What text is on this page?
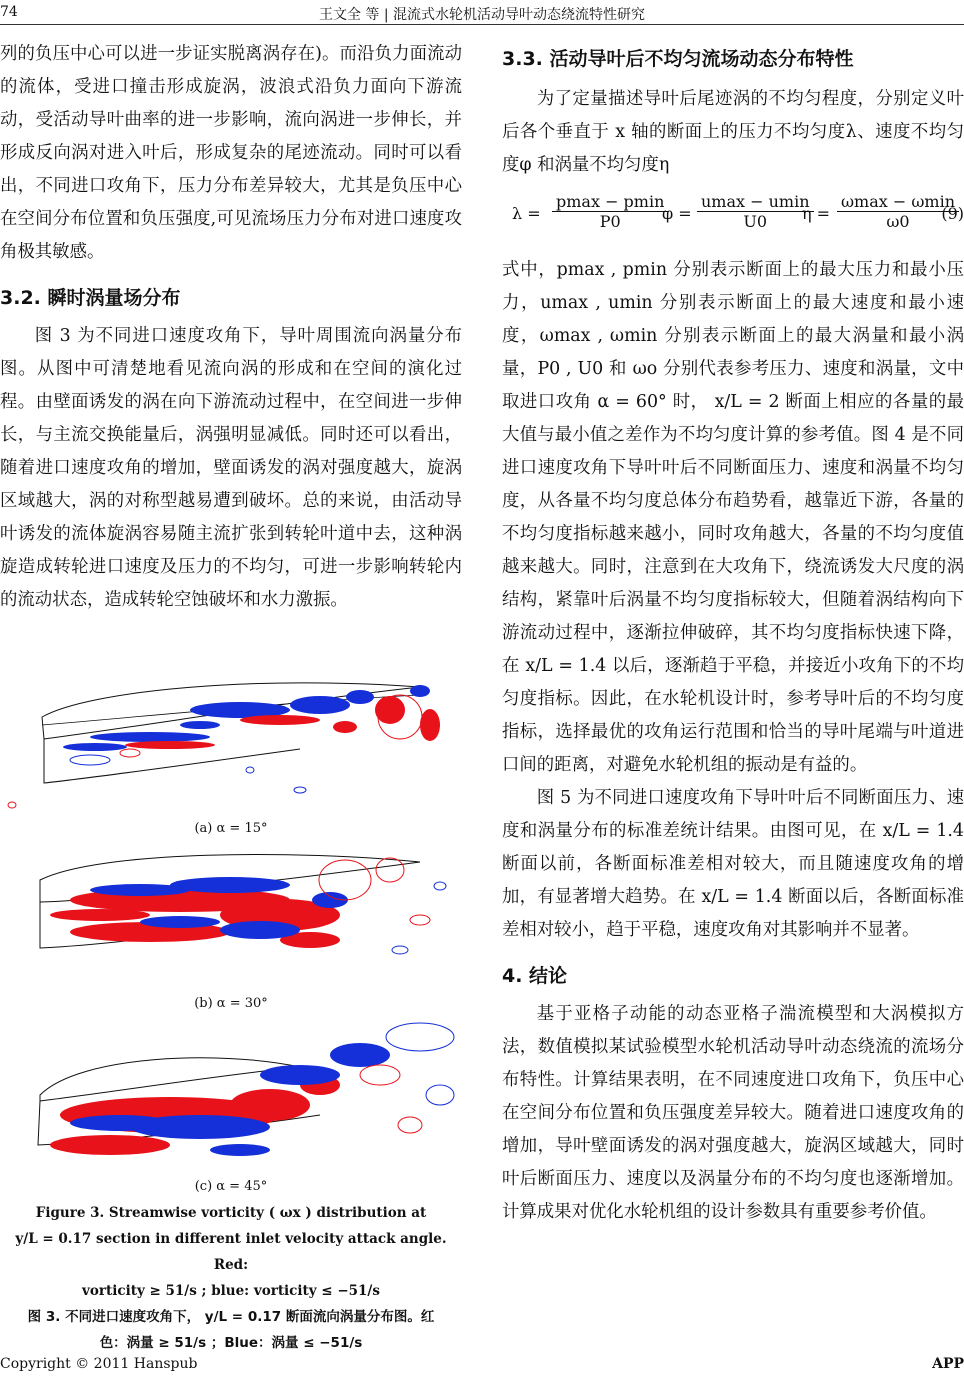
74	王文全 等 | 混流式水轮机活动导叶动态绕流特性研究

列的负压中心可以进一步证实脱离涡存在)。而沿负力面流动的流体，受进口撞击形成旋涡，波浪式沿负力面向下游流动，受活动导叶曲率的进一步影响，流向涡进一步伸长，并形成反向涡对进入叶后，形成复杂的尾迹流动。同时可以看出，不同进口攻角下，压力分布差异较大，尤其是负压中心在空间分布位置和负压强度,可见流场压力分布对进口速度攻角极其敏感。

3.2. 瞬时涡量场分布

图 3 为不同进口速度攻角下，导叶周围流向涡量分布图。从图中可清楚地看见流向涡的形成和在空间的演化过程。由壁面诱发的涡在向下游流动过程中，在空间进一步伸长，与主流交换能量后，涡强明显减低。同时还可以看出，随着进口速度攻角的增加，壁面诱发的涡对强度越大，旋涡区域越大，涡的对称型越易遭到破坏。总的来说，由活动导叶诱发的流体旋涡容易随主流扩张到转轮叶道中去，这种涡旋造成转轮进口速度及压力的不均匀，可进一步影响转轮内的流动状态，造成转轮空蚀破坏和水力激振。

(a) α = 15°
(b) α = 30°
(c) α = 45°

Figure 3. Streamwise vorticity ( ωx ) distribution at

y/L = 0.17 section in different inlet velocity attack angle. Red:

vorticity ≥ 51/s ; blue: vorticity ≤ −51/s

图 3. 不同进口速度攻角下， y/L = 0.17 断面流向涡量分布图。红

色：涡量 ≥ 51/s ；Blue：涡量 ≤ −51/s

3.3. 活动导叶后不均匀流场动态分布特性

为了定量描述导叶后尾迹涡的不均匀程度，分别定义叶后各个垂直于 x 轴的断面上的压力不均匀度λ、速度不均匀度φ 和涡量不均匀度η

λ =
pmax − pmin
P0	φ =
umax − umin
U0	η =
ωmax − ωmin
ω0	(9)

式中，pmax , pmin 分别表示断面上的最大压力和最小压力，umax , umin 分别表示断面上的最大速度和最小速度，ωmax , ωmin 分别表示断面上的最大涡量和最小涡量，P0 , U0 和 ωo 分别代表参考压力、速度和涡量，文中取进口攻角 α = 60° 时， x/L = 2 断面上相应的各量的最大值与最小值之差作为不均匀度计算的参考值。图 4 是不同进口速度攻角下导叶叶后不同断面压力、速度和涡量不均匀度，从各量不均匀度总体分布趋势看，越靠近下游，各量的不均匀度指标越来越小，同时攻角越大，各量的不均匀度值越来越大。同时，注意到在大攻角下，绕流诱发大尺度的涡结构，紧靠叶后涡量不均匀度指标较大，但随着涡结构向下游流动过程中，逐渐拉伸破碎，其不均匀度指标快速下降，在 x/L = 1.4 以后，逐渐趋于平稳，并接近小攻角下的不均匀度指标。因此，在水轮机设计时，参考导叶后的不均匀度指标，选择最优的攻角运行范围和恰当的导叶尾端与叶道进口间的距离，对避免水轮机组的振动是有益的。

图 5 为不同进口速度攻角下导叶叶后不同断面压力、速度和涡量分布的标准差统计结果。由图可见，在 x/L = 1.4 断面以前，各断面标准差相对较大，而且随速度攻角的增加，有显著增大趋势。在 x/L = 1.4 断面以后，各断面标准差相对较小，趋于平稳，速度攻角对其影响并不显著。

4. 结论

基于亚格子动能的动态亚格子湍流模型和大涡模拟方法，数值模拟某试验模型水轮机活动导叶动态绕流的流场分布特性。计算结果表明，在不同速度进口攻角下，负压中心在空间分布位置和负压强度差异较大。随着进口速度攻角的增加，导叶壁面诱发的涡对强度越大，旋涡区域越大，同时叶后断面压力、速度以及涡量分布的不均匀度也逐渐增加。计算成果对优化水轮机组的设计参数具有重要参考价值。

Copyright © 2011 Hanspub	APP
